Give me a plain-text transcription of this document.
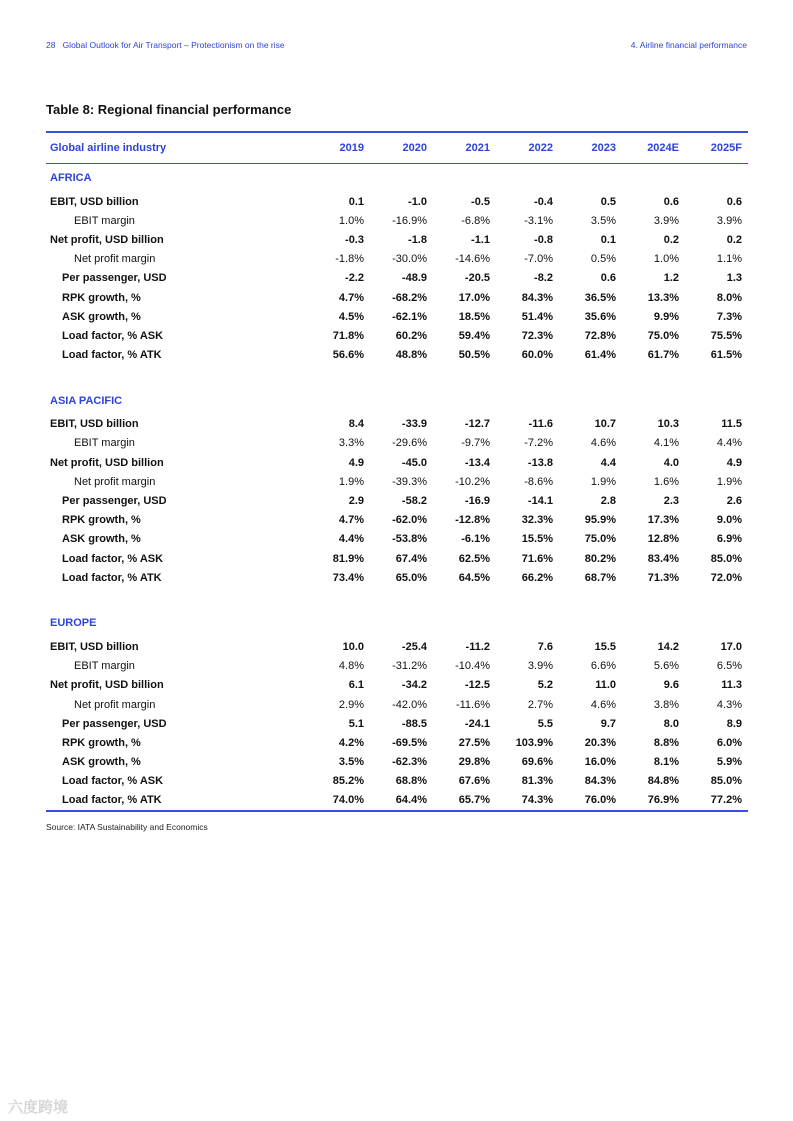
28 Global Outlook for Air Transport – Protectionism on the rise	4. Airline financial performance
Table 8: Regional financial performance
Global airline industry	2019	2020	2021	2022	2023	2024E	2025F
AFRICA
EBIT, USD billion	0.1	-1.0	-0.5	-0.4	0.5	0.6	0.6
EBIT margin	1.0%	-16.9%	-6.8%	-3.1%	3.5%	3.9%	3.9%
Net profit, USD billion	-0.3	-1.8	-1.1	-0.8	0.1	0.2	0.2
Net profit margin	-1.8%	-30.0%	-14.6%	-7.0%	0.5%	1.0%	1.1%
Per passenger, USD	-2.2	-48.9	-20.5	-8.2	0.6	1.2	1.3
RPK growth, %	4.7%	-68.2%	17.0%	84.3%	36.5%	13.3%	8.0%
ASK growth, %	4.5%	-62.1%	18.5%	51.4%	35.6%	9.9%	7.3%
Load factor, % ASK	71.8%	60.2%	59.4%	72.3%	72.8%	75.0%	75.5%
Load factor, % ATK	56.6%	48.8%	50.5%	60.0%	61.4%	61.7%	61.5%
ASIA PACIFIC
EBIT, USD billion	8.4	-33.9	-12.7	-11.6	10.7	10.3	11.5
EBIT margin	3.3%	-29.6%	-9.7%	-7.2%	4.6%	4.1%	4.4%
Net profit, USD billion	4.9	-45.0	-13.4	-13.8	4.4	4.0	4.9
Net profit margin	1.9%	-39.3%	-10.2%	-8.6%	1.9%	1.6%	1.9%
Per passenger, USD	2.9	-58.2	-16.9	-14.1	2.8	2.3	2.6
RPK growth, %	4.7%	-62.0%	-12.8%	32.3%	95.9%	17.3%	9.0%
ASK growth, %	4.4%	-53.8%	-6.1%	15.5%	75.0%	12.8%	6.9%
Load factor, % ASK	81.9%	67.4%	62.5%	71.6%	80.2%	83.4%	85.0%
Load factor, % ATK	73.4%	65.0%	64.5%	66.2%	68.7%	71.3%	72.0%
EUROPE
EBIT, USD billion	10.0	-25.4	-11.2	7.6	15.5	14.2	17.0
EBIT margin	4.8%	-31.2%	-10.4%	3.9%	6.6%	5.6%	6.5%
Net profit, USD billion	6.1	-34.2	-12.5	5.2	11.0	9.6	11.3
Net profit margin	2.9%	-42.0%	-11.6%	2.7%	4.6%	3.8%	4.3%
Per passenger, USD	5.1	-88.5	-24.1	5.5	9.7	8.0	8.9
RPK growth, %	4.2%	-69.5%	27.5%	103.9%	20.3%	8.8%	6.0%
ASK growth, %	3.5%	-62.3%	29.8%	69.6%	16.0%	8.1%	5.9%
Load factor, % ASK	85.2%	68.8%	67.6%	81.3%	84.3%	84.8%	85.0%
Load factor, % ATK	74.0%	64.4%	65.7%	74.3%	76.0%	76.9%	77.2%
Source: IATA Sustainability and Economics
六度跨境
